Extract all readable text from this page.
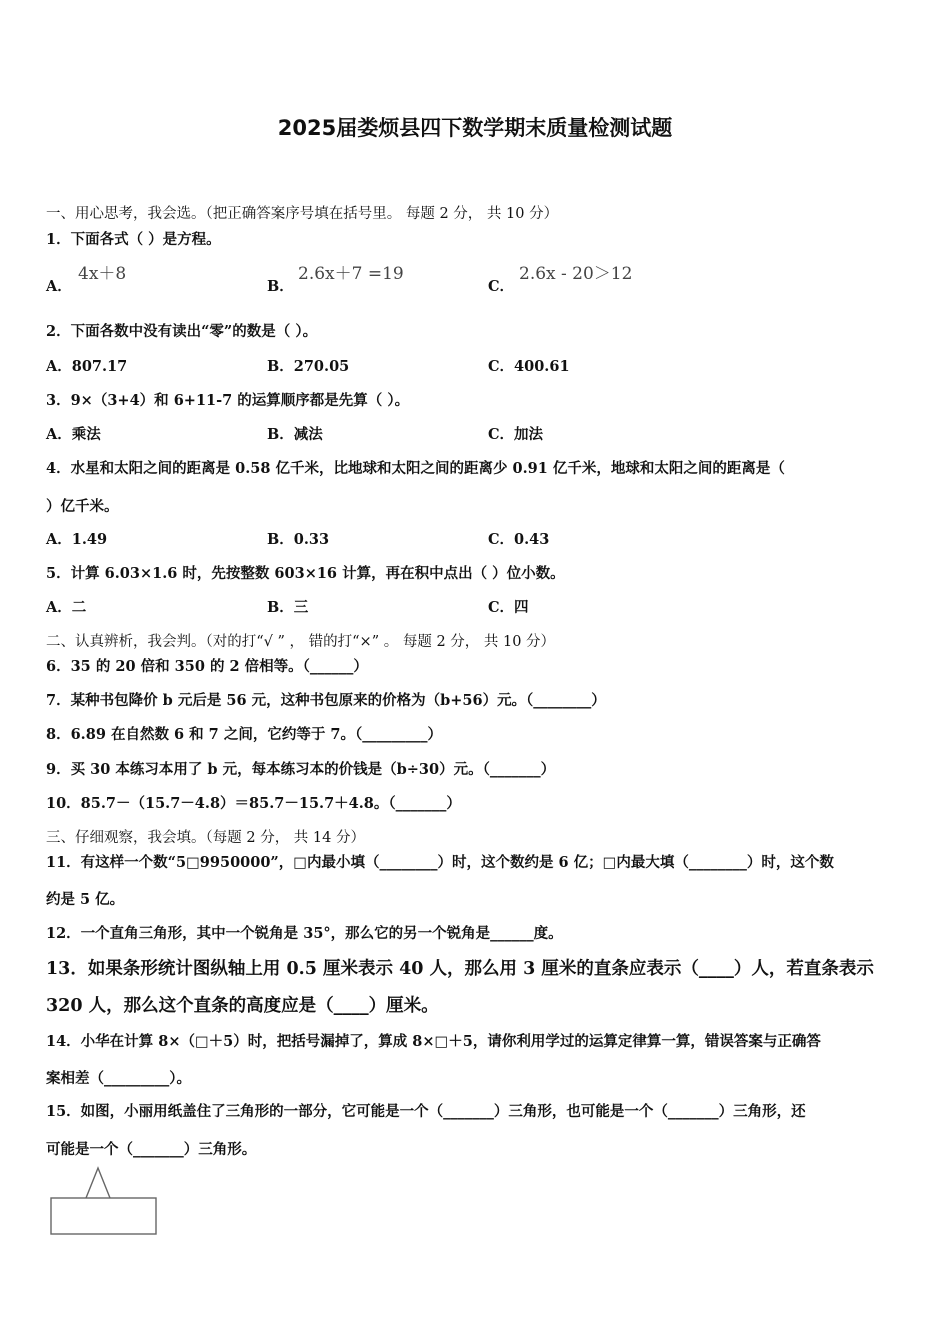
2025届娄烦县四下数学期末质量检测试题
一、用心思考，我会选。（把正确答案序号填在括号里。 每题 2 分， 共 10 分）
1．下面各式（ ）是方程。
A．
4x＋8
B．
2.6x＋7 =19
C．
2.6x - 20＞12
2．下面各数中没有读出“零”的数是（ ）。
A．807.17	B．270.05	C．400.61
3．9×（3+4）和 6+11-7 的运算顺序都是先算（ ）。
A．乘法	B．减法	C．加法
4．水星和太阳之间的距离是 0.58 亿千米，比地球和太阳之间的距离少 0.91 亿千米，地球和太阳之间的距离是（
）亿千米。
A．1.49	B．0.33	C．0.43
5．计算 6.03×1.6 时，先按整数 603×16 计算，再在积中点出（ ）位小数。
A．二	B．三	C．四
二、认真辨析，我会判。（对的打“√ ” ， 错的打“×” 。 每题 2 分， 共 10 分）
6．35 的 20 倍和 350 的 2 倍相等。（______）
7．某种书包降价 b 元后是 56 元，这种书包原来的价格为（b+56）元。（________）
8．6.89 在自然数 6 和 7 之间，它约等于 7。（_________）
9．买 30 本练习本用了 b 元，每本练习本的价钱是（b÷30）元。（_______）
10．85.7－（15.7－4.8）＝85.7－15.7＋4.8。（_______）
三、仔细观察，我会填。（每题 2 分， 共 14 分）
11．有这样一个数“5□9950000”，□内最小填（________）时，这个数约是 6 亿；□内最大填（________）时，这个数
约是 5 亿。
12．一个直角三角形，其中一个锐角是 35°，那么它的另一个锐角是______度。
13．如果条形统计图纵轴上用 0.5 厘米表示 40 人，那么用 3 厘米的直条应表示（____）人，若直条表示
320 人，那么这个直条的高度应是（____）厘米。
14．小华在计算 8×（□＋5）时，把括号漏掉了，算成 8×□＋5，请你利用学过的运算定律算一算，错误答案与正确答
案相差（_________）。
15．如图，小丽用纸盖住了三角形的一部分，它可能是一个（_______）三角形，也可能是一个（_______）三角形，还
可能是一个（_______）三角形。
